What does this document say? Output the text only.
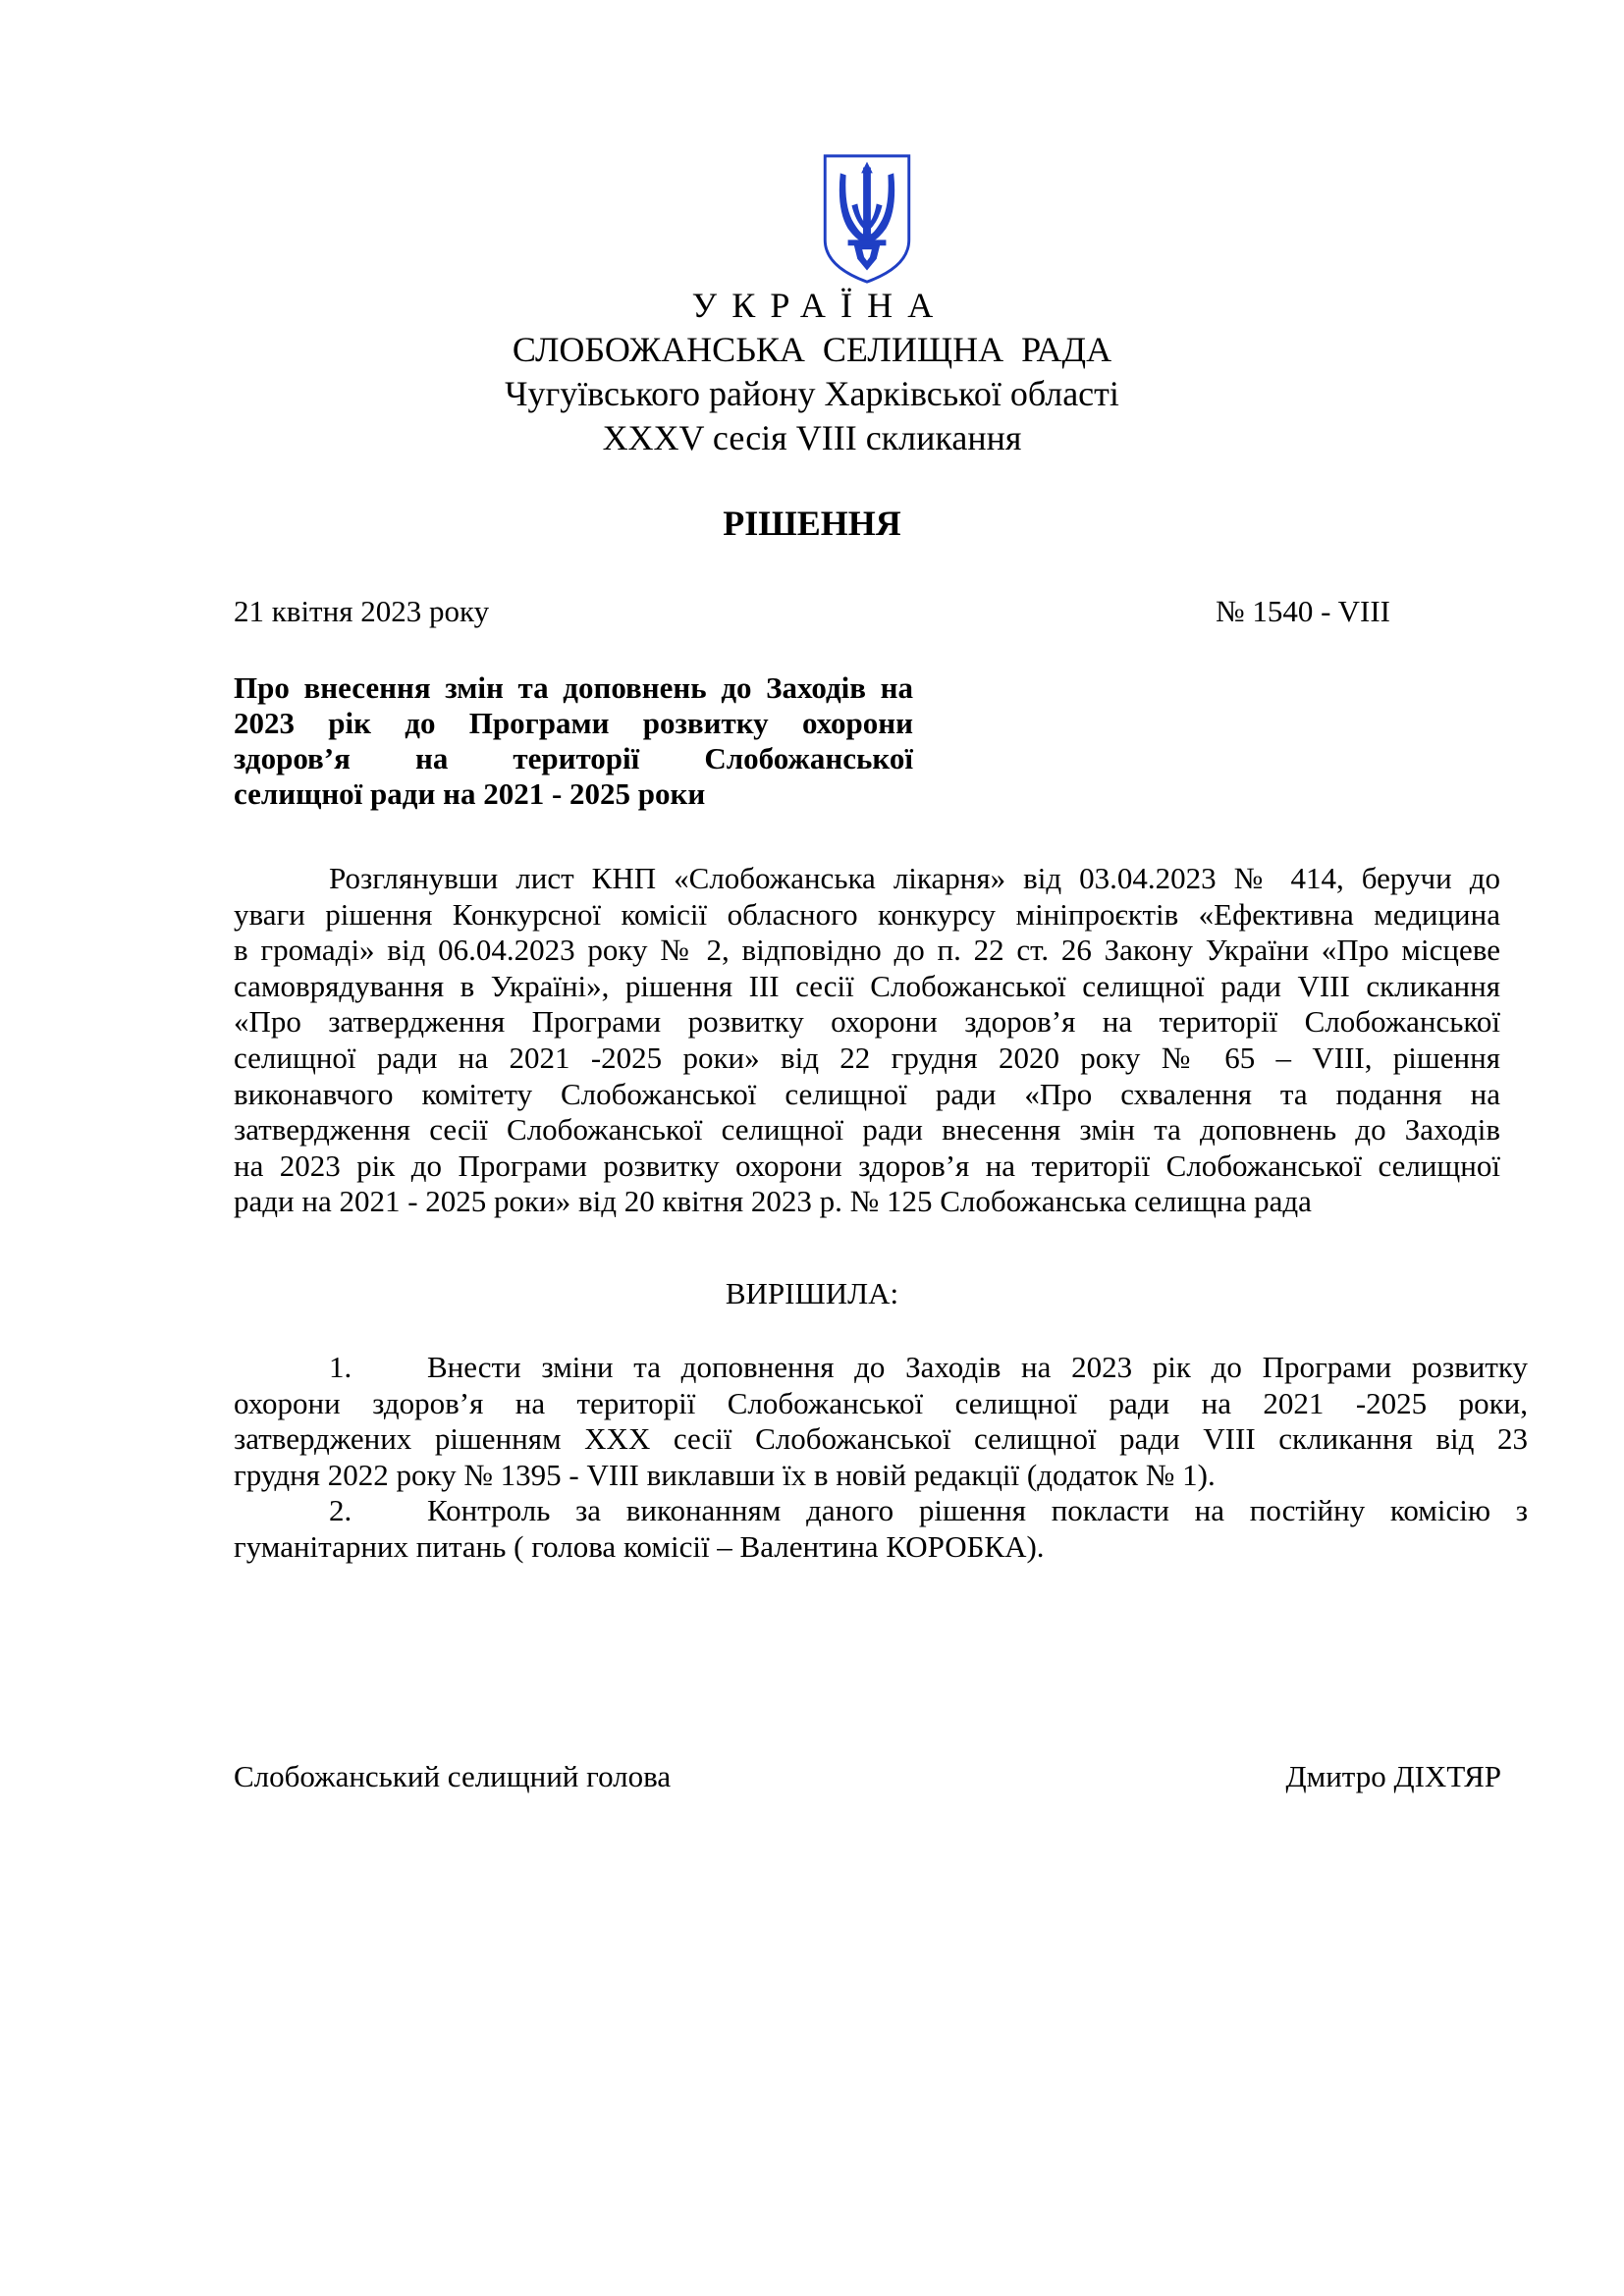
УКРАЇНА
СЛОБОЖАНСЬКА СЕЛИЩНА РАДА
Чугуївського району Харківської області
XXXV сесія VIII скликання
РІШЕННЯ
21 квітня 2023 року	№ 1540 - VIII
Про внесення змін та доповнень до Заходів на
2023 рік до Програми розвитку охорони
здоров’я на території Слобожанської
селищної ради на 2021 - 2025 роки
Розглянувши лист КНП «Слобожанська лікарня» від 03.04.2023 № 414, беручи до
уваги рішення Конкурсної комісії обласного конкурсу мініпроєктів «Ефективна медицина
в громаді» від 06.04.2023 року № 2, відповідно до п. 22 ст. 26 Закону України «Про місцеве
самоврядування в Україні», рішення III сесії Слобожанської селищної ради VIII скликання
«Про затвердження Програми розвитку охорони здоров’я на території Слобожанської
селищної ради на 2021 -2025 роки» від 22 грудня 2020 року № 65 – VIII, рішення
виконавчого комітету Слобожанської селищної ради «Про схвалення та подання на
затвердження сесії Слобожанської селищної ради внесення змін та доповнень до Заходів
на 2023 рік до Програми розвитку охорони здоров’я на території Слобожанської селищної
ради на 2021 - 2025 роки» від 20 квітня 2023 р. № 125 Слобожанська селищна рада
ВИРІШИЛА:
1. Внести зміни та доповнення до Заходів на 2023 рік до Програми розвитку
охорони здоров’я на території Слобожанської селищної ради на 2021 -2025 роки,
затверджених рішенням XXX сесії Слобожанської селищної ради VIII скликання від 23
грудня 2022 року № 1395 - VIII виклавши їх в новій редакції (додаток № 1).
2. Контроль за виконанням даного рішення покласти на постійну комісію з
гуманітарних питань ( голова комісії – Валентина КОРОБКА).
Слобожанський селищний голова	Дмитро ДІХТЯР
